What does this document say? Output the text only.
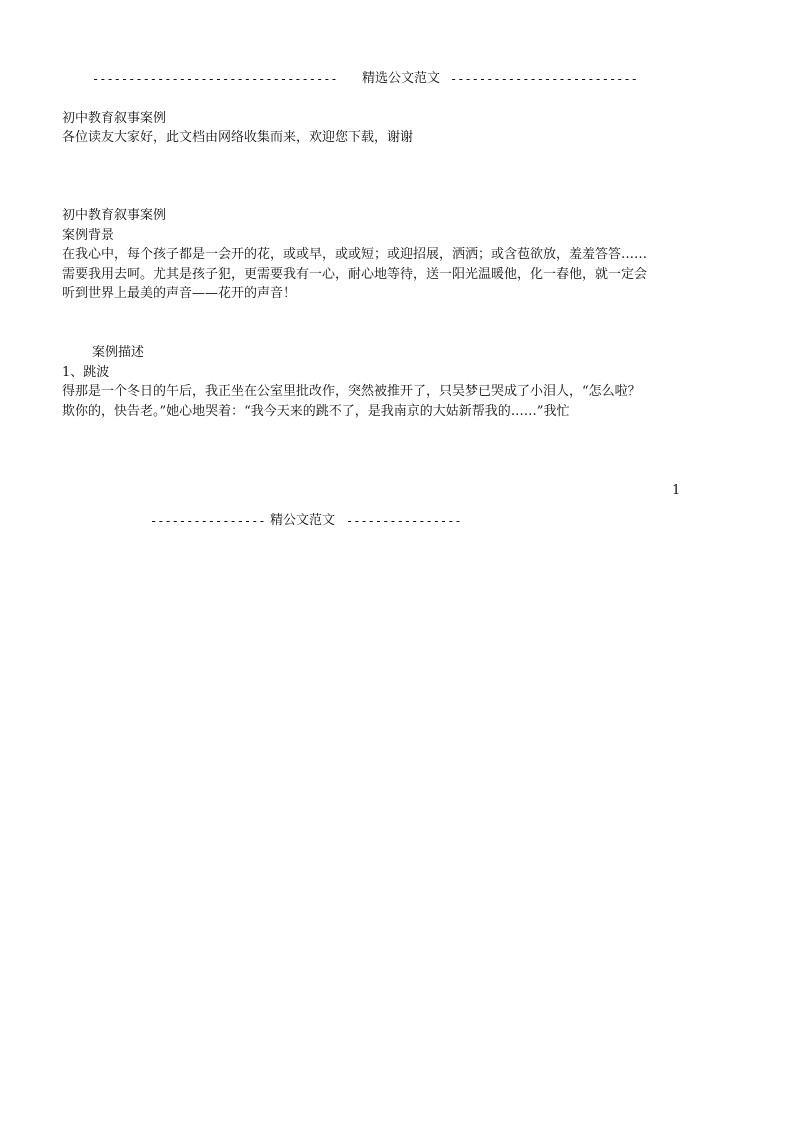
---------------------------------- 精选公文范文 --------------------------
初中教育叙事案例
各位读友大家好，此文档由网络收集而来，欢迎您下载，谢谢
初中教育叙事案例
案例背景
在我心中，每个孩子都是一会开的花，或或早，或或短；或迎招展，洒洒；或含苞欲放，羞羞答答……
需要我用去呵。尤其是孩子犯，更需要我有一心，耐心地等待，送一阳光温暖他，化一春他，就一定会
听到世界上最美的声音——花开的声音！
案例描述
1、跳波
得那是一个冬日的午后，我正坐在公室里批改作，突然被推开了，只吴梦已哭成了小泪人，“怎么啦？
欺你的，快告老。”她心地哭着：“我今天来的跳不了，是我南京的大姑新帮我的……”我忙
1
---------------- 精公文范文 ----------------
